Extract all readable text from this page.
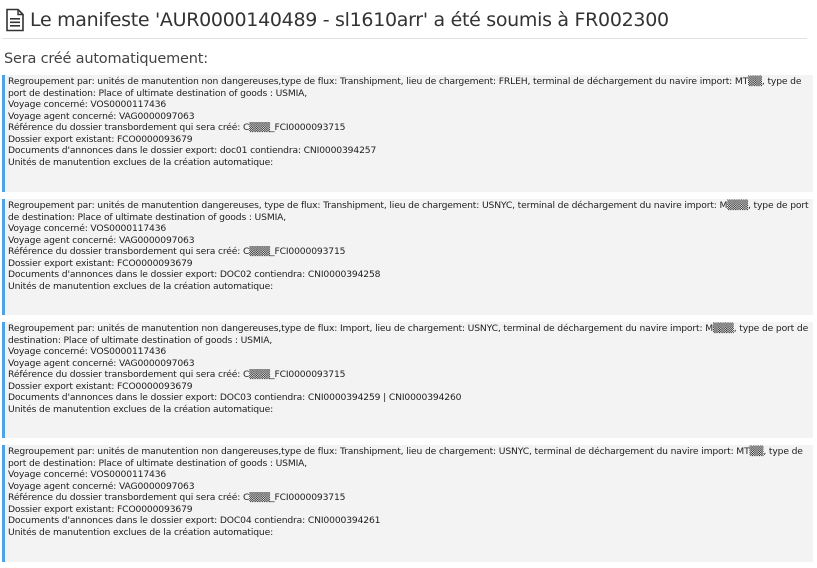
Le manifeste 'AUR0000140489 - sl1610arr' a été soumis à FR002300
Sera créé automatiquement:
Regroupement par: unités de manutention non dangereuses,type de flux: Transhipment, lieu de chargement: FRLEH, terminal de déchargement du navire import: MT▒▒, type de port de destination: Place of ultimate destination of goods : USMIA,
Voyage concerné: VOS0000117436
Voyage agent concerné: VAG0000097063
Référence du dossier transbordement qui sera créé: C▒▒▒_FCI0000093715
Dossier export existant: FCO0000093679
Documents d'annonces dans le dossier export: doc01 contiendra: CNI0000394257
Unités de manutention exclues de la création automatique:
Regroupement par: unités de manutention dangereuses, type de flux: Transhipment, lieu de chargement: USNYC, terminal de déchargement du navire import: M▒▒▒, type de port de destination: Place of ultimate destination of goods : USMIA,
Voyage concerné: VOS0000117436
Voyage agent concerné: VAG0000097063
Référence du dossier transbordement qui sera créé: C▒▒▒_FCI0000093715
Dossier export existant: FCO0000093679
Documents d'annonces dans le dossier export: DOC02 contiendra: CNI0000394258
Unités de manutention exclues de la création automatique:
Regroupement par: unités de manutention non dangereuses,type de flux: Import, lieu de chargement: USNYC, terminal de déchargement du navire import: M▒▒▒, type de port de destination: Place of ultimate destination of goods : USMIA,
Voyage concerné: VOS0000117436
Voyage agent concerné: VAG0000097063
Référence du dossier transbordement qui sera créé: C▒▒▒_FCI0000093715
Dossier export existant: FCO0000093679
Documents d'annonces dans le dossier export: DOC03 contiendra: CNI0000394259 | CNI0000394260
Unités de manutention exclues de la création automatique:
Regroupement par: unités de manutention non dangereuses,type de flux: Transhipment, lieu de chargement: USNYC, terminal de déchargement du navire import: MT▒▒, type de port de destination: Place of ultimate destination of goods : USMIA,
Voyage concerné: VOS0000117436
Voyage agent concerné: VAG0000097063
Référence du dossier transbordement qui sera créé: C▒▒▒_FCI0000093715
Dossier export existant: FCO0000093679
Documents d'annonces dans le dossier export: DOC04 contiendra: CNI0000394261
Unités de manutention exclues de la création automatique:
